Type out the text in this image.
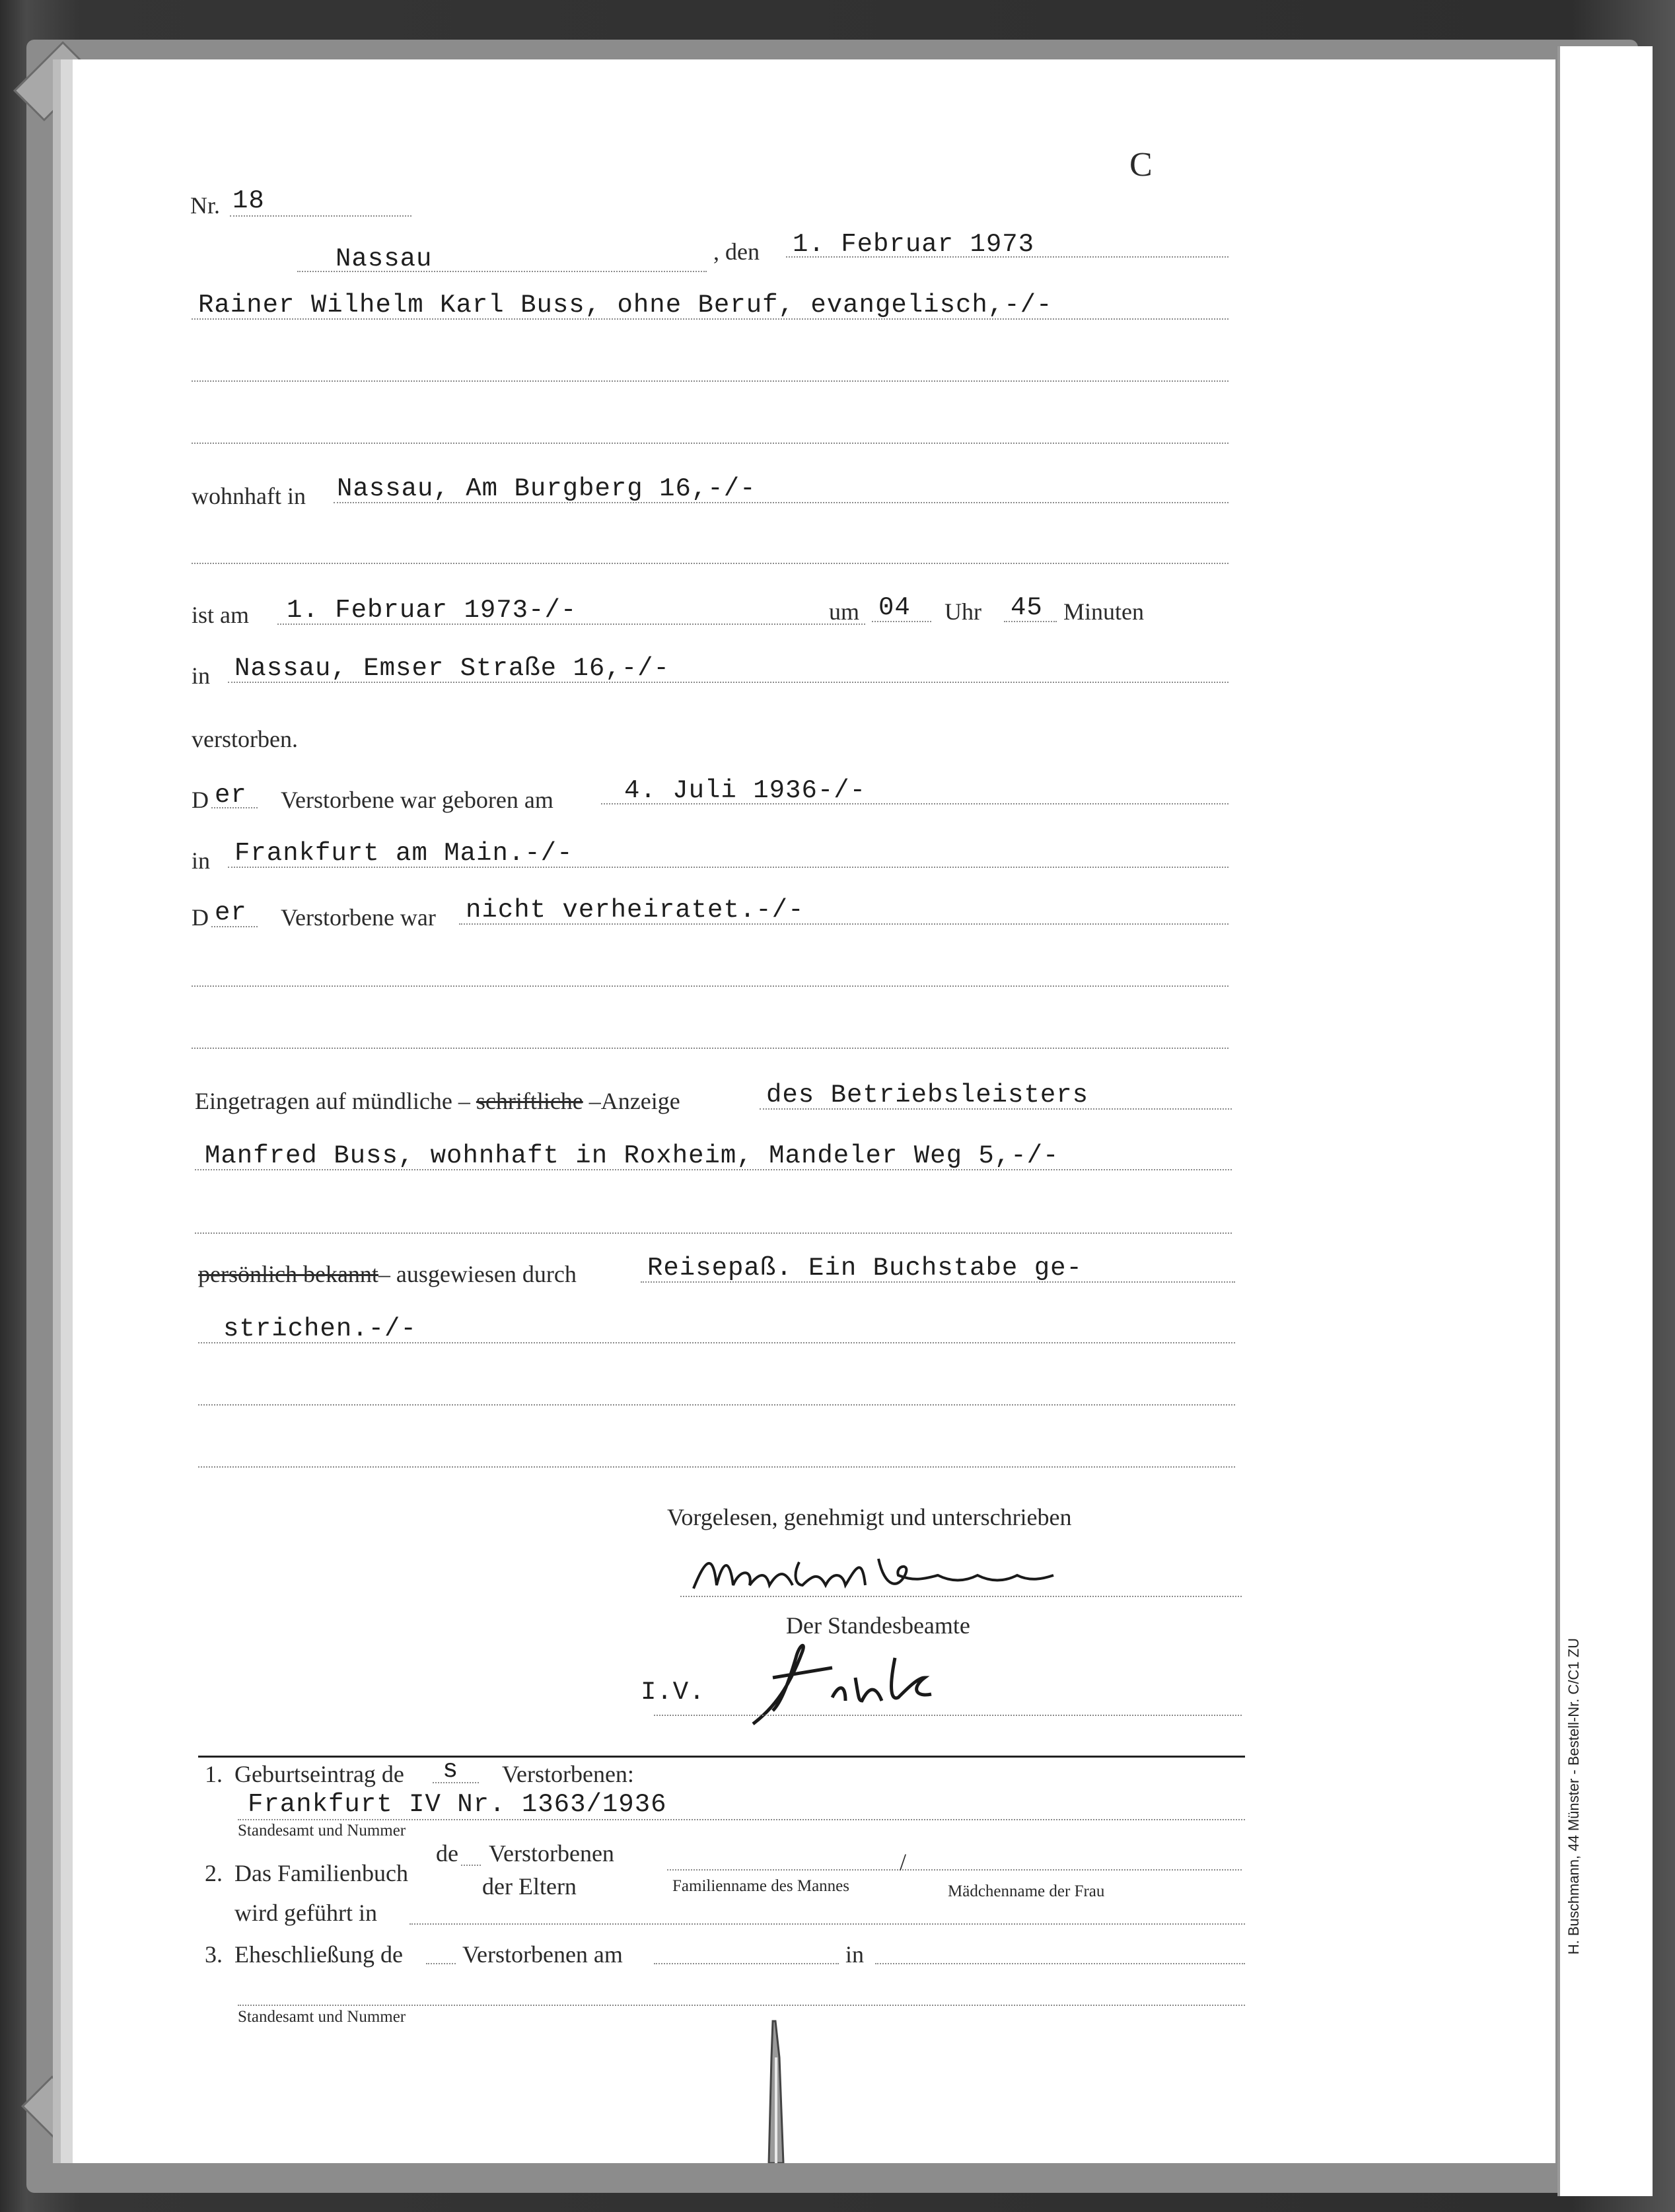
H. Buschmann, 44 Münster - Bestell-Nr. C/C1 ZU
C
Nr. 18
Nassau	, den 1. Februar 1973
Rainer Wilhelm Karl Buss, ohne Beruf, evangelisch,-/-
wohnhaft in Nassau, Am Burgberg 16,-/-
ist am 1. Februar 1973-/-	um 04 Uhr 45 Minuten
in Nassau, Emser Straße 16,-/-
verstorben.
D er Verstorbene war geboren am	4. Juli 1936-/-
in Frankfurt am Main.-/-
D er Verstorbene war nicht verheiratet.-/-
Eingetragen auf mündliche – schriftliche –Anzeige	des Betriebsleisters
Manfred Buss, wohnhaft in Roxheim, Mandeler Weg 5,-/-
persönlich bekannt– ausgewiesen durch	Reisepaß. Ein Buchstabe ge-
strichen.-/-
Vorgelesen, genehmigt und unterschrieben
Manfred Buss
Der Standesbeamte
I.V.
Fink
1. Geburtseintrag de s Verstorbenen:
Frankfurt IV Nr. 1363/1936
Standesamt und Nummer
2. Das Familienbuch
de Verstorbenen
der Eltern	Familienname des Mannes
/
Mädchenname der Frau
wird geführt in
3. Eheschließung de	Verstorbenen am	in
Standesamt und Nummer
